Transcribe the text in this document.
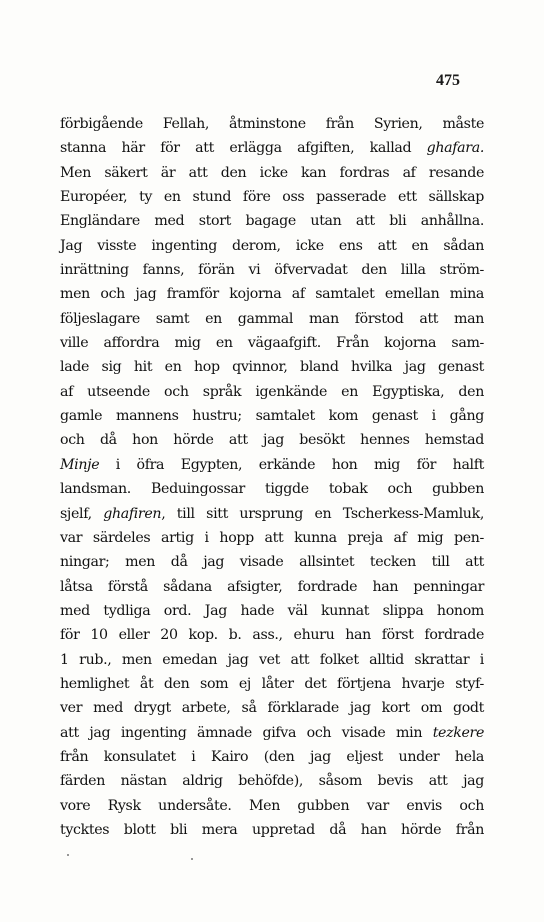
475
förbigående Fellah, åtminstone från Syrien, måste
stanna här för att erlägga afgiften, kallad ghafara.
Men säkert är att den icke kan fordras af resande
Européer, ty en stund före oss passerade ett sällskap
Engländare med stort bagage utan att bli anhållna.
Jag visste ingenting derom, icke ens att en sådan
inrättning fanns, förän vi öfvervadat den lilla ström-
men och jag framför kojorna af samtalet emellan mina
följeslagare samt en gammal man förstod att man
ville affordra mig en vägaafgift. Från kojorna sam-
lade sig hit en hop qvinnor, bland hvilka jag genast
af utseende och språk igenkände en Egyptiska, den
gamle mannens hustru; samtalet kom genast i gång
och då hon hörde att jag besökt hennes hemstad
Minje i öfra Egypten, erkände hon mig för halft
landsman. Beduingossar tiggde tobak och gubben
sjelf, ghafiren, till sitt ursprung en Tscherkess-Mamluk,
var särdeles artig i hopp att kunna preja af mig pen-
ningar; men då jag visade allsintet tecken till att
låtsa förstå sådana afsigter, fordrade han penningar
med tydliga ord. Jag hade väl kunnat slippa honom
för 10 eller 20 kop. b. ass., ehuru han först fordrade
1 rub., men emedan jag vet att folket alltid skrattar i
hemlighet åt den som ej låter det förtjena hvarje styf-
ver med drygt arbete, så förklarade jag kort om godt
att jag ingenting ämnade gifva och visade min tezkere
från konsulatet i Kairo (den jag eljest under hela
färden nästan aldrig behöfde), såsom bevis att jag
vore Rysk undersåte. Men gubben var envis och
tycktes blott bli mera uppretad då han hörde från
